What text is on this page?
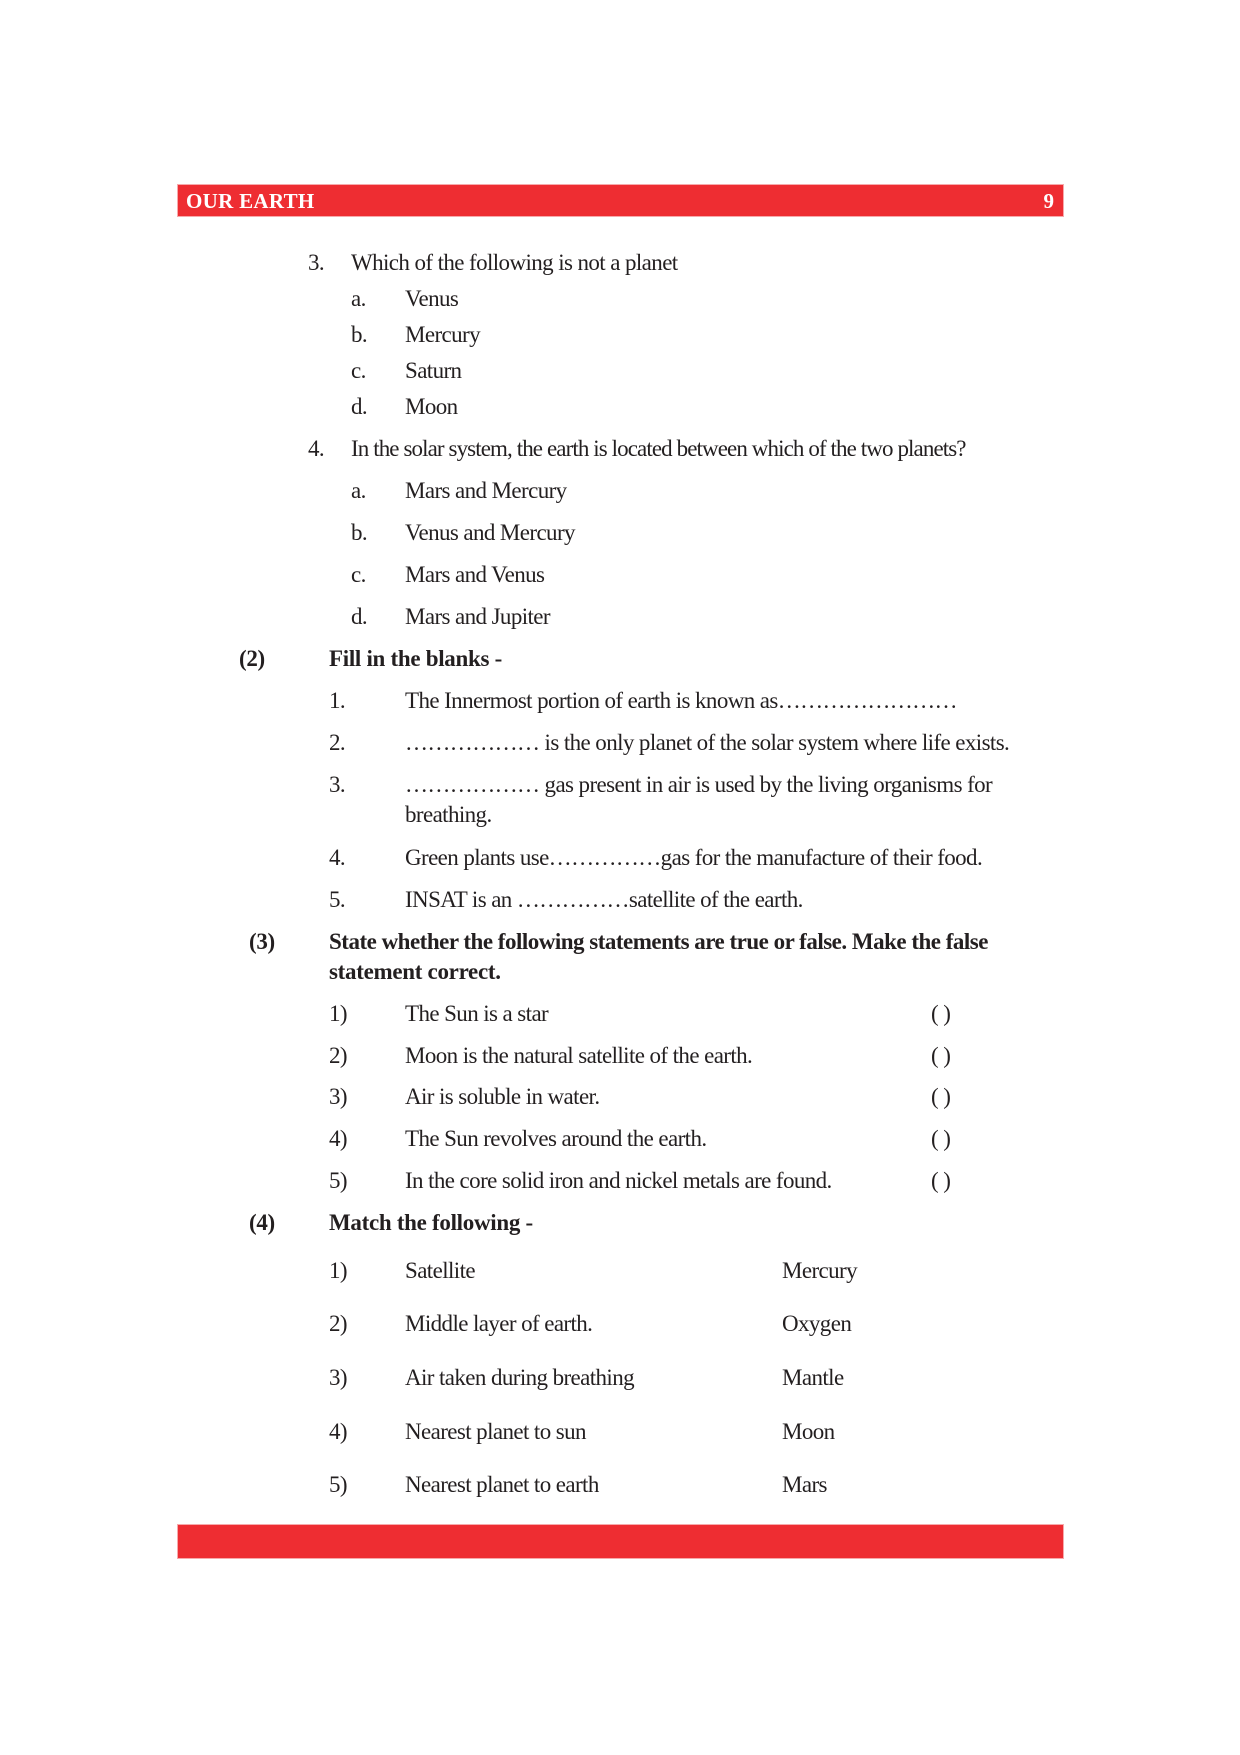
OUR EARTH	9
3. Which of the following is not a planet
a. Venus
b. Mercury
c. Saturn
d. Moon
4. In the solar system, the earth is located between which of the two planets?
a. Mars and Mercury
b. Venus and Mercury
c. Mars and Venus
d. Mars and Jupiter
(2)	Fill in the blanks -
1.	The Innermost portion of earth is known as……………………
2.	……………… is the only planet of the solar system where life exists.
3.	……………… gas present in air is used by the living organisms for
breathing.
4.	Green plants use……………gas for the manufacture of their food.
5.	INSAT is an ……………satellite of the earth.
(3) State whether the following statements are true or false. Make the false
statement correct.
1)	The Sun is a star	( )
2)	Moon is the natural satellite of the earth.	( )
3)	Air is soluble in water.	( )
4)	The Sun revolves around the earth.	( )
5)	In the core solid iron and nickel metals are found.	( )
(4) Match the following -
1)	Satellite	Mercury
2)	Middle layer of earth.	Oxygen
3)	Air taken during breathing	Mantle
4)	Nearest planet to sun	Moon
5)	Nearest planet to earth	Mars
